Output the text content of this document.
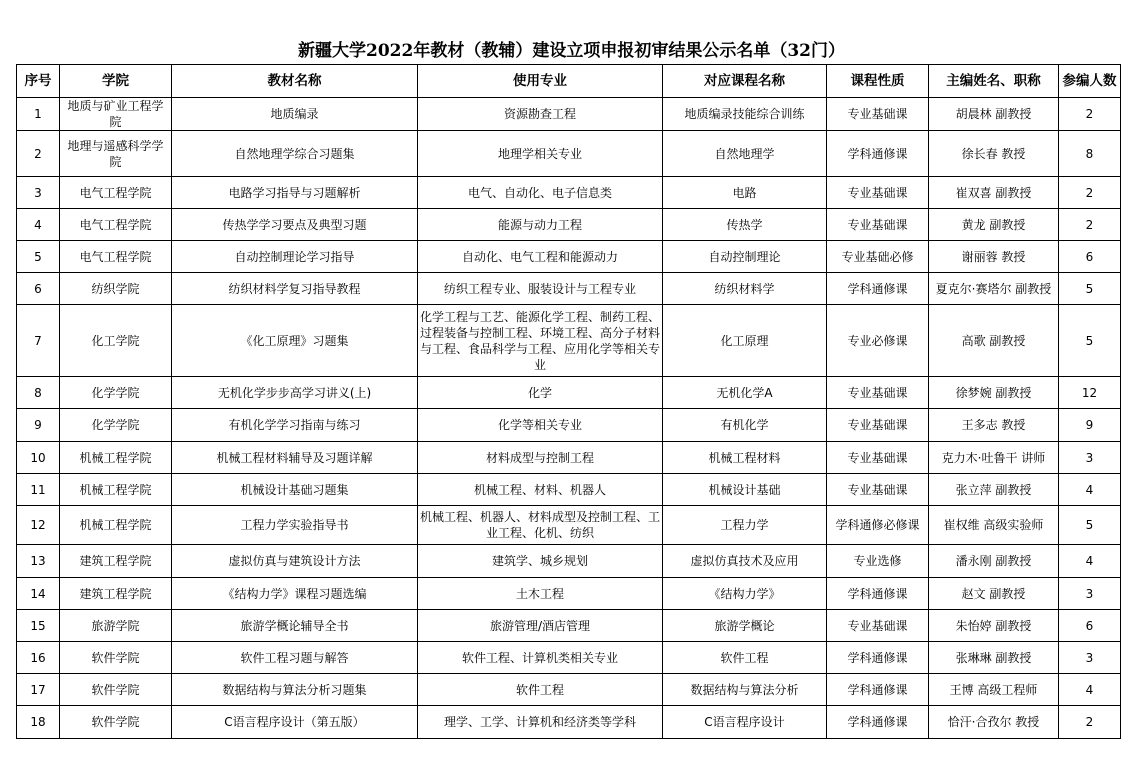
新疆大学2022年教材（教辅）建设立项申报初审结果公示名单（32门）
序号	学院	教材名称	使用专业	对应课程名称	课程性质	主编姓名、职称	参编人数
1	地质与矿业工程学院	地质编录	资源勘查工程	地质编录技能综合训练	专业基础课	胡晨林 副教授	2
2	地理与遥感科学学院	自然地理学综合习题集	地理学相关专业	自然地理学	学科通修课	徐长春 教授	8
3	电气工程学院	电路学习指导与习题解析	电气、自动化、电子信息类	电路	专业基础课	崔双喜 副教授	2
4	电气工程学院	传热学学习要点及典型习题	能源与动力工程	传热学	专业基础课	黄龙 副教授	2
5	电气工程学院	自动控制理论学习指导	自动化、电气工程和能源动力	自动控制理论	专业基础必修	谢丽蓉 教授	6
6	纺织学院	纺织材料学复习指导教程	纺织工程专业、服装设计与工程专业	纺织材料学	学科通修课	夏克尔·赛塔尔 副教授	5
7	化工学院	《化工原理》习题集	化学工程与工艺、能源化学工程、制药工程、过程装备与控制工程、环境工程、高分子材料与工程、食品科学与工程、应用化学等相关专业	化工原理	专业必修课	高歌 副教授	5
8	化学学院	无机化学步步高学习讲义(上)	化学	无机化学A	专业基础课	徐梦婉 副教授	12
9	化学学院	有机化学学习指南与练习	化学等相关专业	有机化学	专业基础课	王多志 教授	9
10	机械工程学院	机械工程材料辅导及习题详解	材料成型与控制工程	机械工程材料	专业基础课	克力木·吐鲁干 讲师	3
11	机械工程学院	机械设计基础习题集	机械工程、材料、机器人	机械设计基础	专业基础课	张立萍 副教授	4
12	机械工程学院	工程力学实验指导书	机械工程、机器人、材料成型及控制工程、工业工程、化机、纺织	工程力学	学科通修必修课	崔权维 高级实验师	5
13	建筑工程学院	虚拟仿真与建筑设计方法	建筑学、城乡规划	虚拟仿真技术及应用	专业选修	潘永刚 副教授	4
14	建筑工程学院	《结构力学》课程习题选编	土木工程	《结构力学》	学科通修课	赵文 副教授	3
15	旅游学院	旅游学概论辅导全书	旅游管理/酒店管理	旅游学概论	专业基础课	朱怡婷 副教授	6
16	软件学院	软件工程习题与解答	软件工程、计算机类相关专业	软件工程	学科通修课	张琳琳 副教授	3
17	软件学院	数据结构与算法分析习题集	软件工程	数据结构与算法分析	学科通修课	王博 高级工程师	4
18	软件学院	C语言程序设计（第五版）	理学、工学、计算机和经济类等学科	C语言程序设计	学科通修课	恰汗·合孜尔 教授	2
